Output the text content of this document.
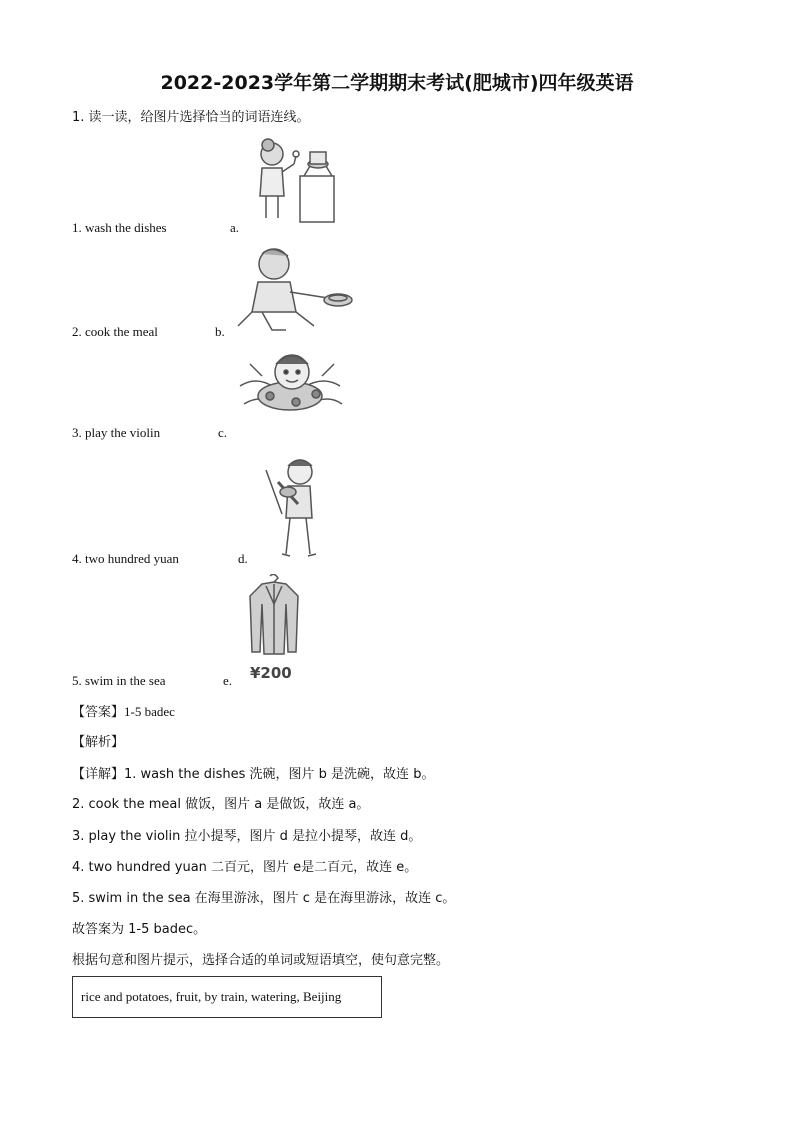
2022-2023学年第二学期期末考试(肥城市)四年级英语
1. 读一读，给图片选择恰当的词语连线。
1. wash the dishes	a.
2. cook the meal	b.
3. play the violin	c.
4. two hundred yuan	d.
¥200
5. swim in the sea	e.
【答案】1-5 badec
【解析】
【详解】1. wash the dishes 洗碗，图片 b 是洗碗，故连 b。
2. cook the meal 做饭，图片 a 是做饭，故连 a。
3. play the violin 拉小提琴，图片 d 是拉小提琴，故连 d。
4. two hundred yuan 二百元，图片 e是二百元，故连 e。
5. swim in the sea 在海里游泳，图片 c 是在海里游泳，故连 c。
故答案为 1-5 badec。
根据句意和图片提示，选择合适的单词或短语填空，使句意完整。
rice and potatoes, fruit, by train, watering, Beijing
